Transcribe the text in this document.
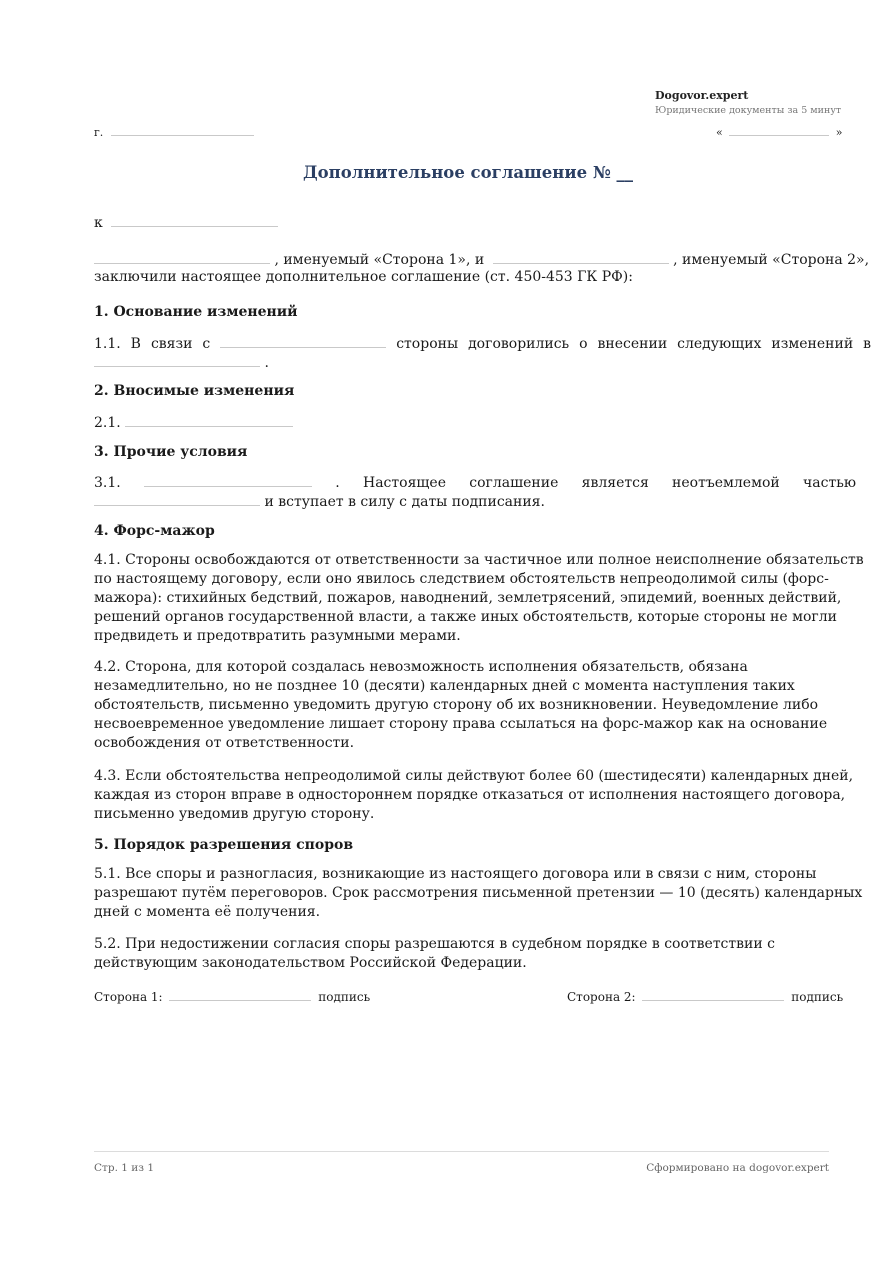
Dogovor.expert
Юридические документы за 5 минут
г.	«	»
Дополнительное соглашение № __
к
, именуемый «Сторона 1», и	, именуемый «Сторона 2»,
заключили настоящее дополнительное соглашение (ст. 450-453 ГК РФ):
1. Основание изменений
1.1. В связи с	стороны договорились о внесении следующих изменений в
.
2. Вносимые изменения
2.1.
3. Прочие условия
3.1.	. Настоящее соглашение является неотъемлемой частью
и вступает в силу с даты подписания.
4. Форс-мажор
4.1. Стороны освобождаются от ответственности за частичное или полное неисполнение обязательств по настоящему договору, если оно явилось следствием обстоятельств непреодолимой силы (форс-мажора): стихийных бедствий, пожаров, наводнений, землетрясений, эпидемий, военных действий, решений органов государственной власти, а также иных обстоятельств, которые стороны не могли предвидеть и предотвратить разумными мерами.
4.2. Сторона, для которой создалась невозможность исполнения обязательств, обязана незамедлительно, но не позднее 10 (десяти) календарных дней с момента наступления таких обстоятельств, письменно уведомить другую сторону об их возникновении. Неуведомление либо несвоевременное уведомление лишает сторону права ссылаться на форс-мажор как на основание освобождения от ответственности.
4.3. Если обстоятельства непреодолимой силы действуют более 60 (шестидесяти) календарных дней, каждая из сторон вправе в одностороннем порядке отказаться от исполнения настоящего договора, письменно уведомив другую сторону.
5. Порядок разрешения споров
5.1. Все споры и разногласия, возникающие из настоящего договора или в связи с ним, стороны разрешают путём переговоров. Срок рассмотрения письменной претензии — 10 (десять) календарных дней с момента её получения.
5.2. При недостижении согласия споры разрешаются в судебном порядке в соответствии с действующим законодательством Российской Федерации.
Сторона 1:	подпись	Сторона 2:	подпись
Стр. 1 из 1	Сформировано на dogovor.expert
